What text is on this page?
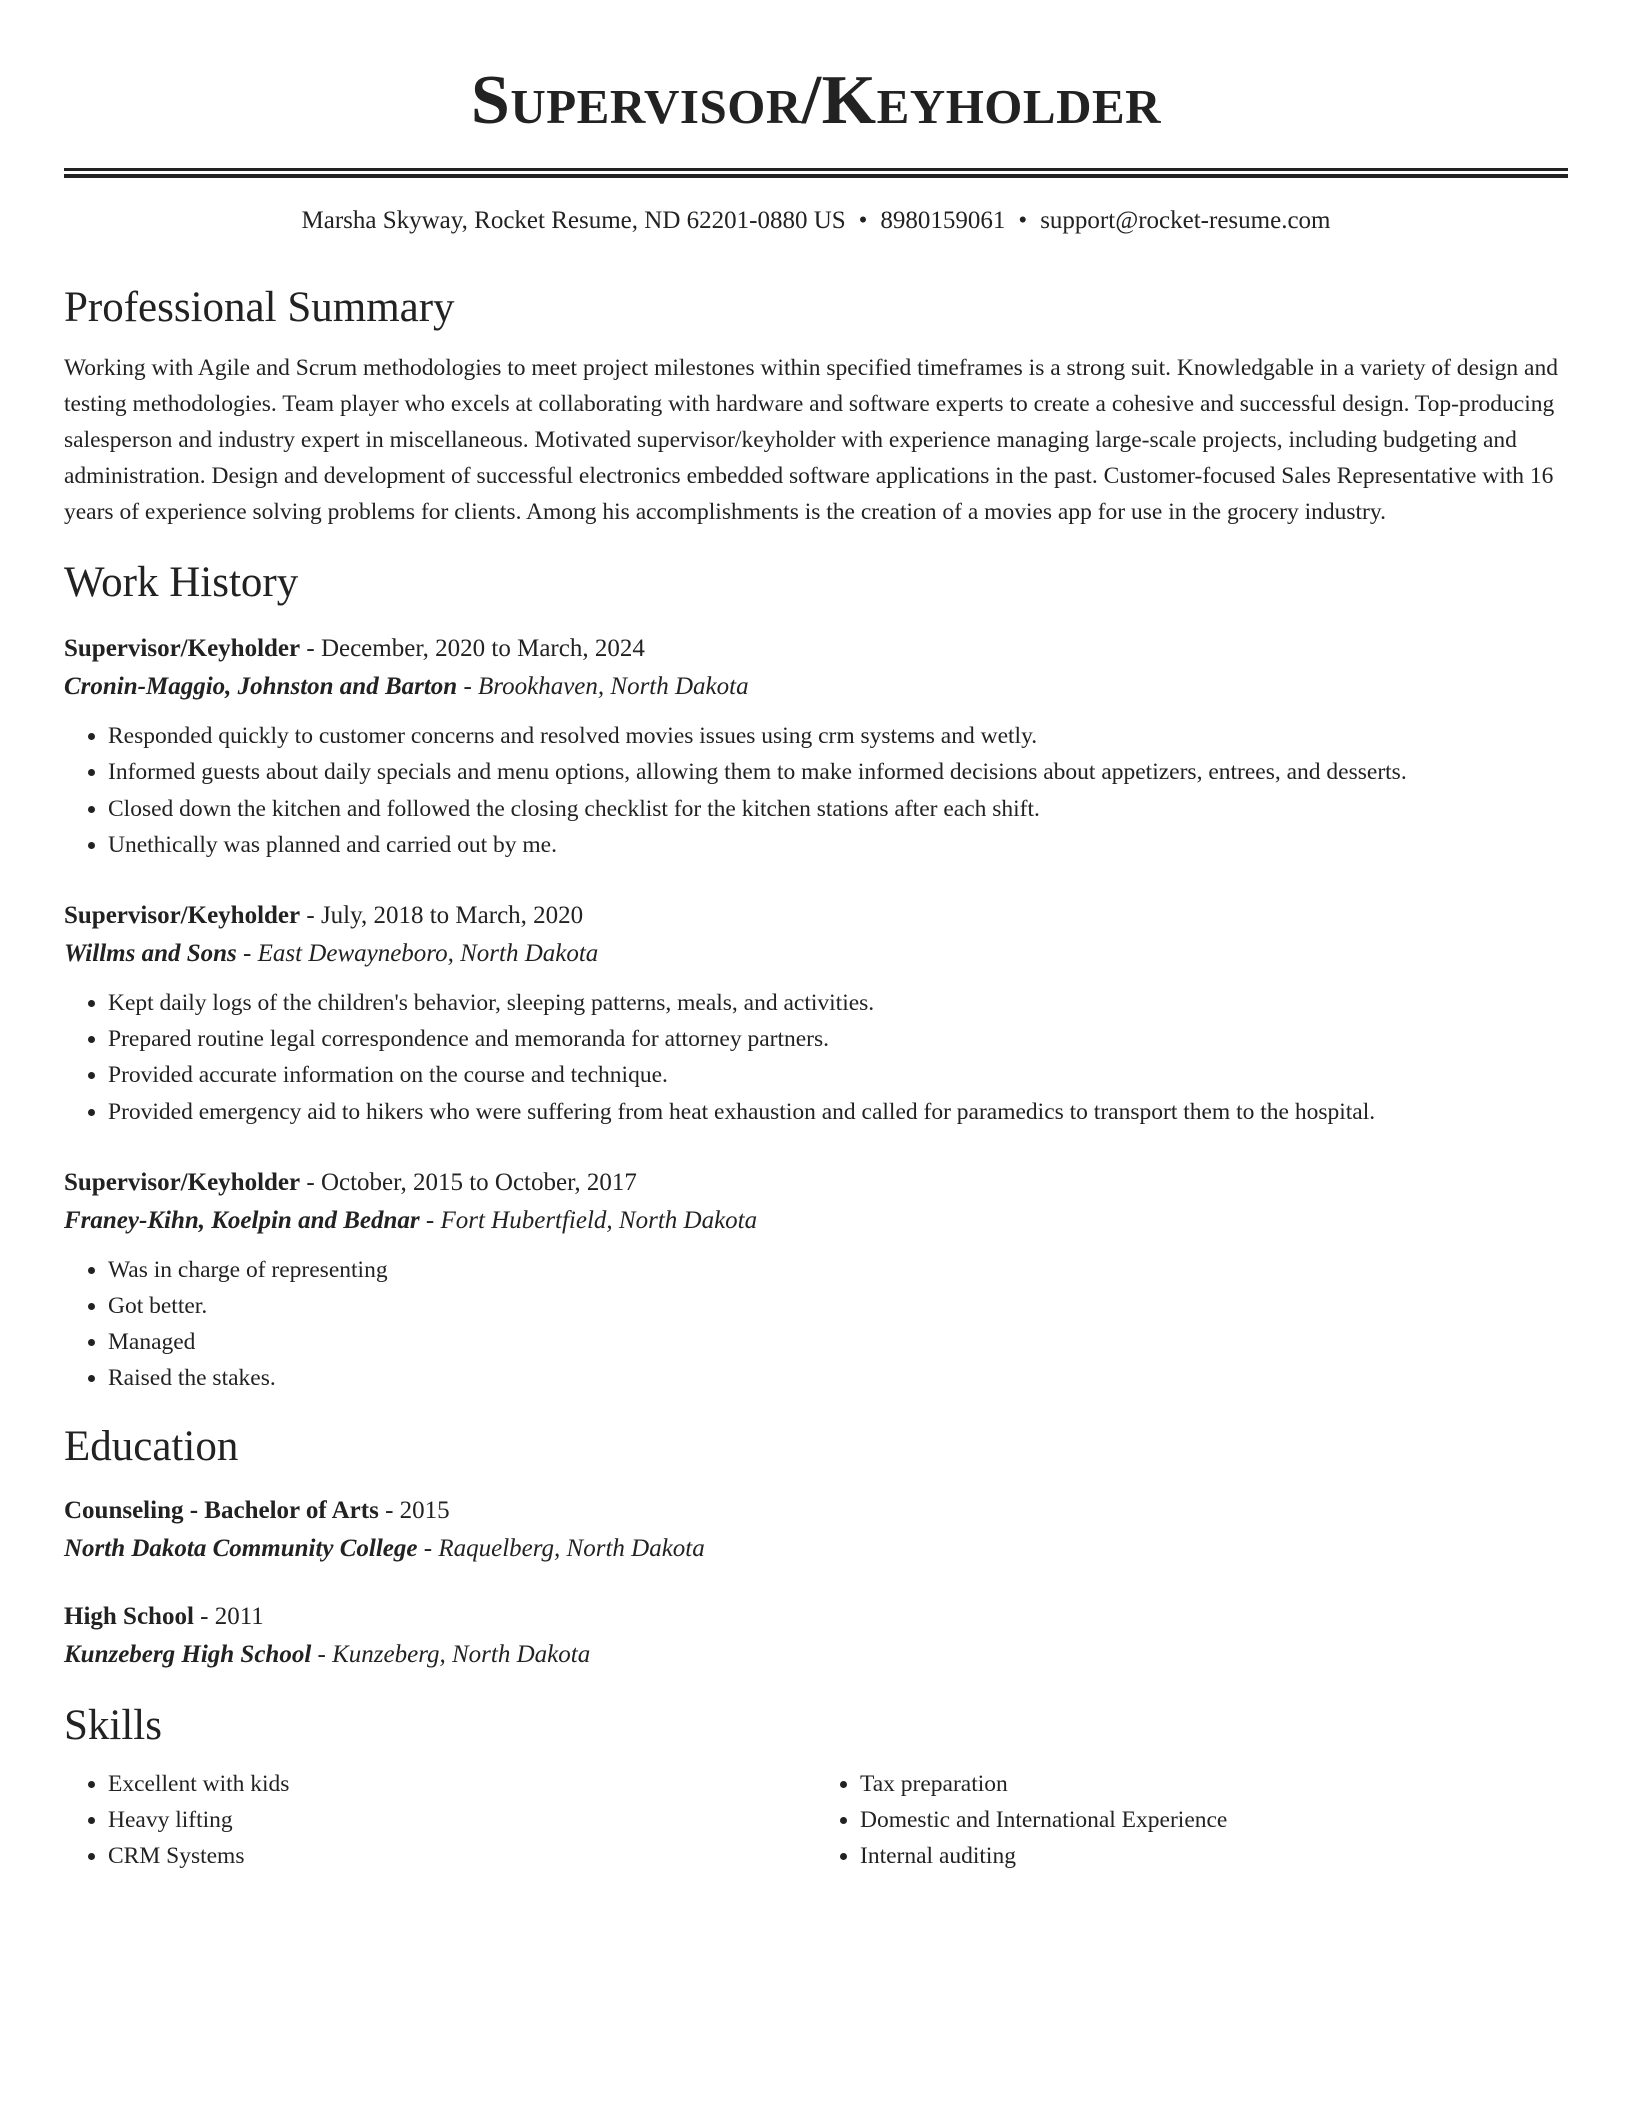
Supervisor/Keyholder
Marsha Skyway, Rocket Resume, ND 62201-0880 US • 8980159061 • support@rocket-resume.com
Professional Summary

Working with Agile and Scrum methodologies to meet project milestones within specified timeframes is a strong suit. Knowledgable in a variety of design and testing methodologies. Team player who excels at collaborating with hardware and software experts to create a cohesive and successful design. Top-producing salesperson and industry expert in miscellaneous. Motivated supervisor/keyholder with experience managing large-scale projects, including budgeting and administration. Design and development of successful electronics embedded software applications in the past. Customer-focused Sales Representative with 16 years of experience solving problems for clients. Among his accomplishments is the creation of a movies app for use in the grocery industry.

Work History
Supervisor/Keyholder - December, 2020 to March, 2024
Cronin-Maggio, Johnston and Barton - Brookhaven, North Dakota
• Responded quickly to customer concerns and resolved movies issues using crm systems and wetly.
• Informed guests about daily specials and menu options, allowing them to make informed decisions about appetizers, entrees, and desserts.
• Closed down the kitchen and followed the closing checklist for the kitchen stations after each shift.
• Unethically was planned and carried out by me.
Supervisor/Keyholder - July, 2018 to March, 2020
Willms and Sons - East Dewayneboro, North Dakota
• Kept daily logs of the children's behavior, sleeping patterns, meals, and activities.
• Prepared routine legal correspondence and memoranda for attorney partners.
• Provided accurate information on the course and technique.
• Provided emergency aid to hikers who were suffering from heat exhaustion and called for paramedics to transport them to the hospital.
Supervisor/Keyholder - October, 2015 to October, 2017
Franey-Kihn, Koelpin and Bednar - Fort Hubertfield, North Dakota
• Was in charge of representing
• Got better.
• Managed
• Raised the stakes.
Education
Counseling - Bachelor of Arts - 2015
North Dakota Community College - Raquelberg, North Dakota
High School - 2011
Kunzeberg High School - Kunzeberg, North Dakota
Skills
• Excellent with kids
• Heavy lifting
• CRM Systems
• Tax preparation
• Domestic and International Experience
• Internal auditing
